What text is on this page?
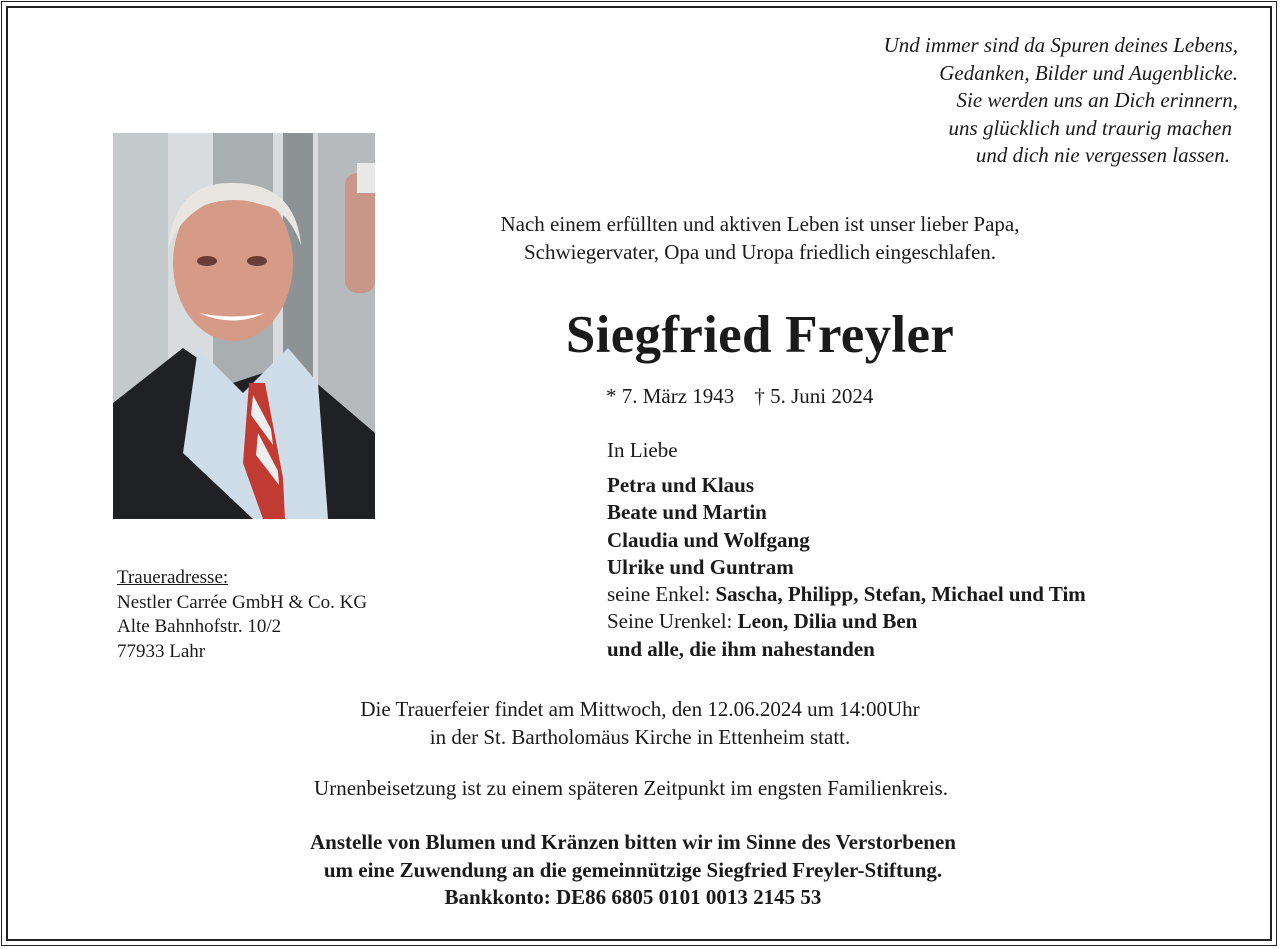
Und immer sind da Spuren deines Lebens,
Gedanken, Bilder und Augenblicke.
Sie werden uns an Dich erinnern,
uns glücklich und traurig machen
und dich nie vergessen lassen.
Nach einem erfüllten und aktiven Leben ist unser lieber Papa,
Schwiegervater, Opa und Uropa friedlich eingeschlafen.
Siegfried Freyler
* 7. März 1943 † 5. Juni 2024
In Liebe
Petra und Klaus
Beate und Martin
Claudia und Wolfgang
Ulrike und Guntram
seine Enkel: Sascha, Philipp, Stefan, Michael und Tim
Seine Urenkel: Leon, Dilia und Ben
und alle, die ihm nahestanden
Traueradresse:
Nestler Carrée GmbH & Co. KG
Alte Bahnhofstr. 10/2
77933 Lahr
Die Trauerfeier findet am Mittwoch, den 12.06.2024 um 14:00Uhr
in der St. Bartholomäus Kirche in Ettenheim statt.
Urnenbeisetzung ist zu einem späteren Zeitpunkt im engsten Familienkreis.
Anstelle von Blumen und Kränzen bitten wir im Sinne des Verstorbenen
um eine Zuwendung an die gemeinnützige Siegfried Freyler-Stiftung.
Bankkonto: DE86 6805 0101 0013 2145 53
